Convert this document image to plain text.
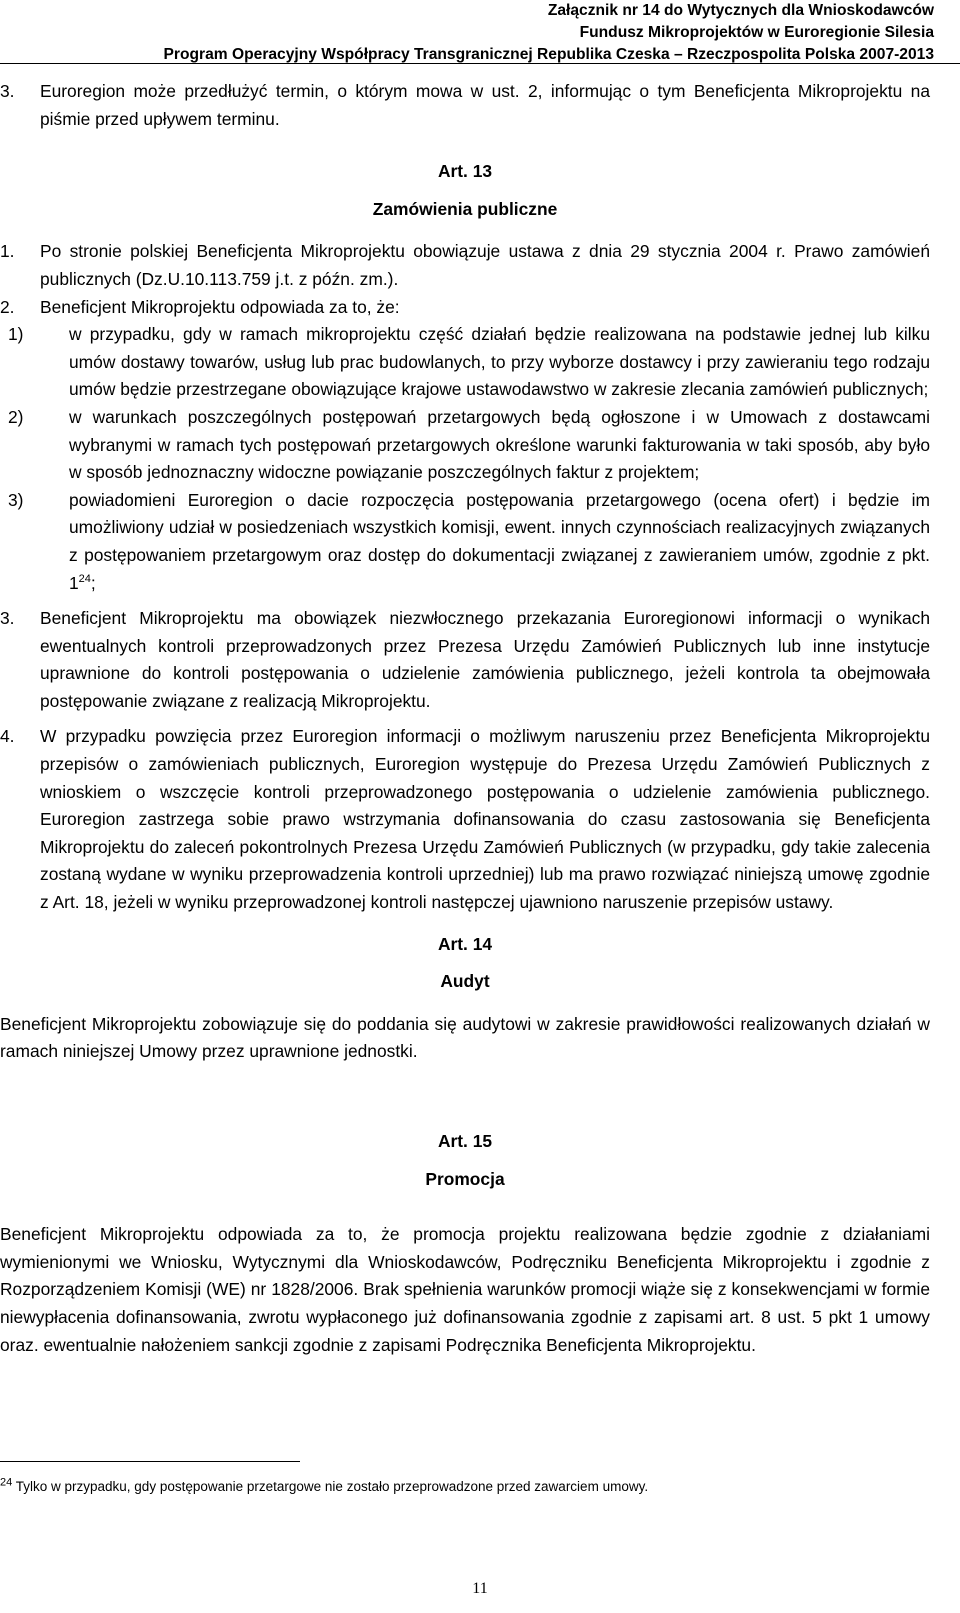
Załącznik nr 14 do Wytycznych dla Wnioskodawców
Fundusz Mikroprojektów w Euroregionie Silesia
Program Operacyjny Współpracy Transgranicznej Republika Czeska – Rzeczpospolita Polska 2007-2013
3.	Euroregion może przedłużyć termin, o którym mowa w ust. 2, informując o tym Beneficjenta Mikroprojektu na piśmie przed upływem terminu.
Art. 13
Zamówienia publiczne
1.	Po stronie polskiej Beneficjenta Mikroprojektu obowiązuje ustawa z dnia 29 stycznia 2004 r. Prawo zamówień publicznych (Dz.U.10.113.759 j.t. z późn. zm.).
2.	Beneficjent Mikroprojektu odpowiada za to, że:
1)	w przypadku, gdy w ramach mikroprojektu część działań będzie realizowana na podstawie jednej lub kilku umów dostawy towarów, usług lub prac budowlanych, to przy wyborze dostawcy i przy zawieraniu tego rodzaju umów będzie przestrzegane obowiązujące krajowe ustawodawstwo w zakresie zlecania zamówień publicznych;
2)	w warunkach poszczególnych postępowań przetargowych będą ogłoszone i w Umowach z dostawcami wybranymi w ramach tych postępowań przetargowych określone warunki fakturowania w taki sposób, aby było w sposób jednoznaczny widoczne powiązanie poszczególnych faktur z projektem;
3)	powiadomieni Euroregion o dacie rozpoczęcia postępowania przetargowego (ocena ofert) i będzie im umożliwiony udział w posiedzeniach wszystkich komisji, ewent. innych czynnościach realizacyjnych związanych z postępowaniem przetargowym oraz dostęp do dokumentacji związanej z zawieraniem umów, zgodnie z pkt. $1^{24}$;
3.	Beneficjent Mikroprojektu ma obowiązek niezwłocznego przekazania Euroregionowi informacji o wynikach ewentualnych kontroli przeprowadzonych przez Prezesa Urzędu Zamówień Publicznych lub inne instytucje uprawnione do kontroli postępowania o udzielenie zamówienia publicznego, jeżeli kontrola ta obejmowała postępowanie związane z realizacją Mikroprojektu.
4.	W przypadku powzięcia przez Euroregion informacji o możliwym naruszeniu przez Beneficjenta Mikroprojektu przepisów o zamówieniach publicznych, Euroregion występuje do Prezesa Urzędu Zamówień Publicznych z wnioskiem o wszczęcie kontroli przeprowadzonego postępowania o udzielenie zamówienia publicznego. Euroregion zastrzega sobie prawo wstrzymania dofinansowania do czasu zastosowania się Beneficjenta Mikroprojektu do zaleceń pokontrolnych Prezesa Urzędu Zamówień Publicznych (w przypadku, gdy takie zalecenia zostaną wydane w wyniku przeprowadzenia kontroli uprzedniej) lub ma prawo rozwiązać niniejszą umowę zgodnie z Art. 18, jeżeli w wyniku przeprowadzonej kontroli następczej ujawniono naruszenie przepisów ustawy.
Art. 14
Audyt

Beneficjent Mikroprojektu zobowiązuje się do poddania się audytowi w zakresie prawidłowości realizowanych działań w ramach niniejszej Umowy przez uprawnione jednostki.

Art. 15
Promocja

Beneficjent Mikroprojektu odpowiada za to, że promocja projektu realizowana będzie zgodnie z działaniami wymienionymi we Wniosku, Wytycznymi dla Wnioskodawców, Podręczniku Beneficjenta Mikroprojektu i zgodnie z Rozporządzeniem Komisji (WE) nr 1828/2006. Brak spełnienia warunków promocji wiąże się z konsekwencjami w formie niewypłacenia dofinansowania, zwrotu wypłaconego już dofinansowania zgodnie z zapisami art. 8 ust. 5 pkt 1 umowy oraz. ewentualnie nałożeniem sankcji zgodnie z zapisami Podręcznika Beneficjenta Mikroprojektu.

$^{24}$ Tylko w przypadku, gdy postępowanie przetargowe nie zostało przeprowadzone przed zawarciem umowy.
11
